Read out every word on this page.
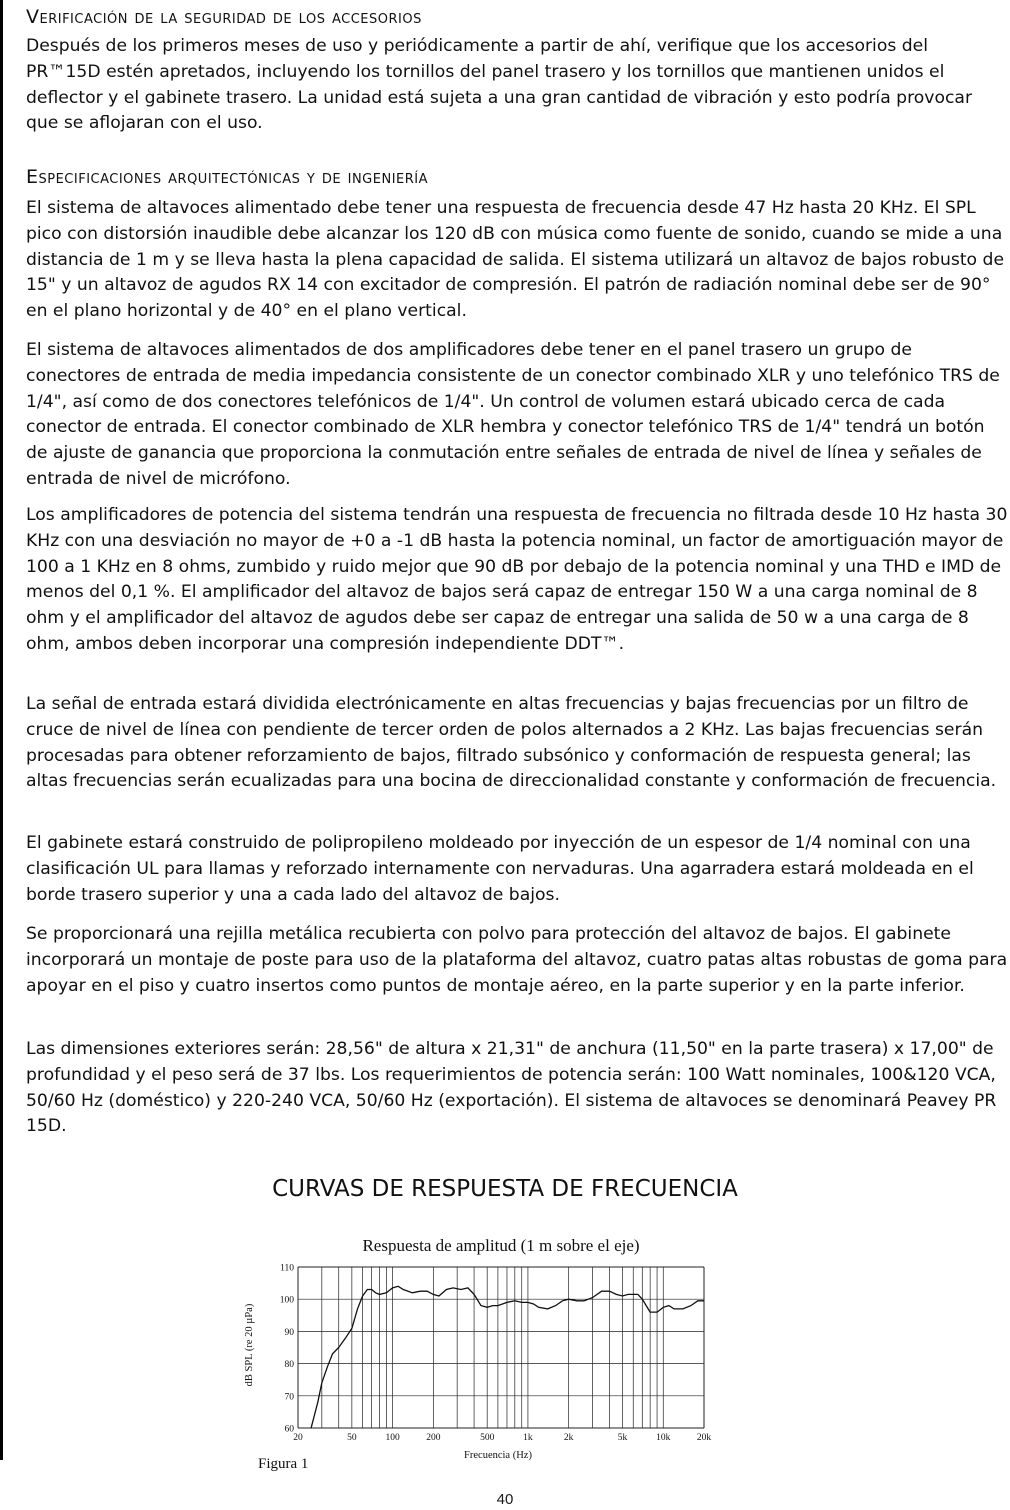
Verificación de la seguridad de los accesorios

Después de los primeros meses de uso y periódicamente a partir de ahí, verifique que los accesorios del PR™15D estén apretados, incluyendo los tornillos del panel trasero y los tornillos que mantienen unidos el deflector y el gabinete trasero. La unidad está sujeta a una gran cantidad de vibración y esto podría provocar que se aflojaran con el uso.

Especificaciones arquitectónicas y de ingeniería

El sistema de altavoces alimentado debe tener una respuesta de frecuencia desde 47 Hz hasta 20 KHz. El SPL pico con distorsión inaudible debe alcanzar los 120 dB con música como fuente de sonido, cuando se mide a una distancia de 1 m y se lleva hasta la plena capacidad de salida. El sistema utilizará un altavoz de bajos robusto de 15" y un altavoz de agudos RX 14 con excitador de compresión. El patrón de radiación nominal debe ser de 90° en el plano horizontal y de 40° en el plano vertical.

El sistema de altavoces alimentados de dos amplificadores debe tener en el panel trasero un grupo de conectores de entrada de media impedancia consistente de un conector combinado XLR y uno telefónico TRS de 1/4", así como de dos conectores telefónicos de 1/4". Un control de volumen estará ubicado cerca de cada conector de entrada. El conector combinado de XLR hembra y conector telefónico TRS de 1/4" tendrá un botón de ajuste de ganancia que proporciona la conmutación entre señales de entrada de nivel de línea y señales de entrada de nivel de micrófono.

Los amplificadores de potencia del sistema tendrán una respuesta de frecuencia no filtrada desde 10 Hz hasta 30 KHz con una desviación no mayor de +0 a -1 dB hasta la potencia nominal, un factor de amortiguación mayor de 100 a 1 KHz en 8 ohms, zumbido y ruido mejor que 90 dB por debajo de la potencia nominal y una THD e IMD de menos del 0,1 %. El amplificador del altavoz de bajos será capaz de entregar 150 W a una carga nominal de 8 ohm y el amplificador del altavoz de agudos debe ser capaz de entregar una salida de 50 w a una carga de 8 ohm, ambos deben incorporar una compresión independiente DDT™.

La señal de entrada estará dividida electrónicamente en altas frecuencias y bajas frecuencias por un filtro de cruce de nivel de línea con pendiente de tercer orden de polos alternados a 2 KHz. Las bajas frecuencias serán procesadas para obtener reforzamiento de bajos, filtrado subsónico y conformación de respuesta general; las altas frecuencias serán ecualizadas para una bocina de direccionalidad constante y conformación de frecuencia.

El gabinete estará construido de polipropileno moldeado por inyección de un espesor de 1/4 nominal con una clasificación UL para llamas y reforzado internamente con nervaduras. Una agarradera estará moldeada en el borde trasero superior y una a cada lado del altavoz de bajos.

Se proporcionará una rejilla metálica recubierta con polvo para protección del altavoz de bajos. El gabinete incorporará un montaje de poste para uso de la plataforma del altavoz, cuatro patas altas robustas de goma para apoyar en el piso y cuatro insertos como puntos de montaje aéreo, en la parte superior y en la parte inferior.

Las dimensiones exteriores serán: 28,56" de altura x 21,31" de anchura (11,50" en la parte trasera) x 17,00" de profundidad y el peso será de 37 lbs. Los requerimientos de potencia serán: 100 Watt nominales, 100&120 VCA, 50/60 Hz (doméstico) y 220-240 VCA, 50/60 Hz (exportación). El sistema de altavoces se denominará Peavey PR 15D.

CURVAS DE RESPUESTA DE FRECUENCIA
Respuesta de amplitud (1 m sobre el eje)
60
70
80
90
100
110
20	50	100	200	500	1k	2k	5k	10k	20k
dB SPL (re 20 µPa)
Frecuencia (Hz)
Figura 1
40
